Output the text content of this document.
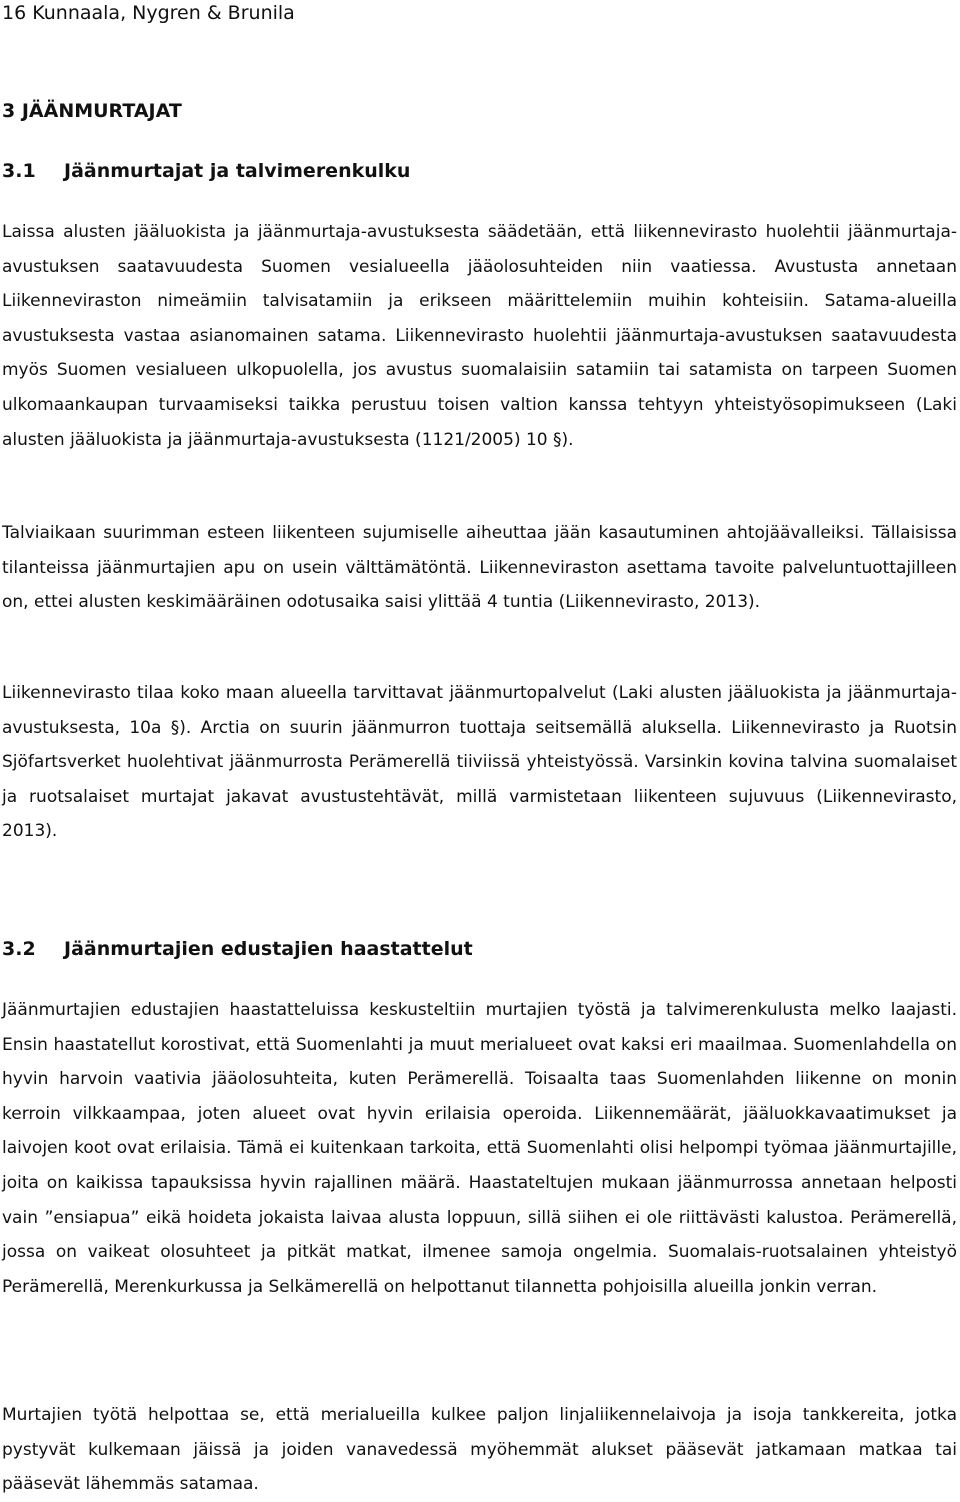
16 Kunnaala, Nygren & Brunila
3 JÄÄNMURTAJAT
3.1 Jäänmurtajat ja talvimerenkulku

Laissa alusten jääluokista ja jäänmurtaja-avustuksesta säädetään, että liikennevirasto huolehtii jäänmurtaja-avustuksen saatavuudesta Suomen vesialueella jääolosuhteiden niin vaatiessa. Avustusta annetaan Liikenneviraston nimeämiin talvisatamiin ja erikseen määrittelemiin muihin kohteisiin. Satama-alueilla avustuksesta vastaa asianomainen satama. Liikennevirasto huolehtii jäänmurtaja-avustuksen saatavuudesta myös Suomen vesialueen ulkopuolella, jos avustus suomalaisiin satamiin tai satamista on tarpeen Suomen ulkomaankaupan turvaamiseksi taikka perustuu toisen valtion kanssa tehtyyn yhteistyösopimukseen (Laki alusten jääluokista ja jäänmurtaja-avustuksesta (1121/2005) 10 §).

Talviaikaan suurimman esteen liikenteen sujumiselle aiheuttaa jään kasautuminen ahtojäävalleiksi. Tällaisissa tilanteissa jäänmurtajien apu on usein välttämätöntä. Liikenneviraston asettama tavoite palveluntuottajilleen on, ettei alusten keskimääräinen odotusaika saisi ylittää 4 tuntia (Liikennevirasto, 2013).

Liikennevirasto tilaa koko maan alueella tarvittavat jäänmurtopalvelut (Laki alusten jääluokista ja jäänmurtaja-avustuksesta, 10a §). Arctia on suurin jäänmurron tuottaja seitsemällä aluksella. Liikennevirasto ja Ruotsin Sjöfartsverket huolehtivat jäänmurrosta Perämerellä tiiviissä yhteistyössä. Varsinkin kovina talvina suomalaiset ja ruotsalaiset murtajat jakavat avustustehtävät, millä varmistetaan liikenteen sujuvuus (Liikennevirasto, 2013).

3.2 Jäänmurtajien edustajien haastattelut

Jäänmurtajien edustajien haastatteluissa keskusteltiin murtajien työstä ja talvimerenkulusta melko laajasti. Ensin haastatellut korostivat, että Suomenlahti ja muut merialueet ovat kaksi eri maailmaa. Suomenlahdella on hyvin harvoin vaativia jääolosuhteita, kuten Perämerellä. Toisaalta taas Suomenlahden liikenne on monin kerroin vilkkaampaa, joten alueet ovat hyvin erilaisia operoida. Liikennemäärät, jääluokkavaatimukset ja laivojen koot ovat erilaisia. Tämä ei kuitenkaan tarkoita, että Suomenlahti olisi helpompi työmaa jäänmurtajille, joita on kaikissa tapauksissa hyvin rajallinen määrä. Haastateltujen mukaan jäänmurrossa annetaan helposti vain ”ensiapua” eikä hoideta jokaista laivaa alusta loppuun, sillä siihen ei ole riittävästi kalustoa. Perämerellä, jossa on vaikeat olosuhteet ja pitkät matkat, ilmenee samoja ongelmia. Suomalais-ruotsalainen yhteistyö Perämerellä, Merenkurkussa ja Selkämerellä on helpottanut tilannetta pohjoisilla alueilla jonkin verran.

Murtajien työtä helpottaa se, että merialueilla kulkee paljon linjaliikennelaivoja ja isoja tankkereita, jotka pystyvät kulkemaan jäissä ja joiden vanavedessä myöhemmät alukset pääsevät jatkamaan matkaa tai pääsevät lähemmäs satamaa.
